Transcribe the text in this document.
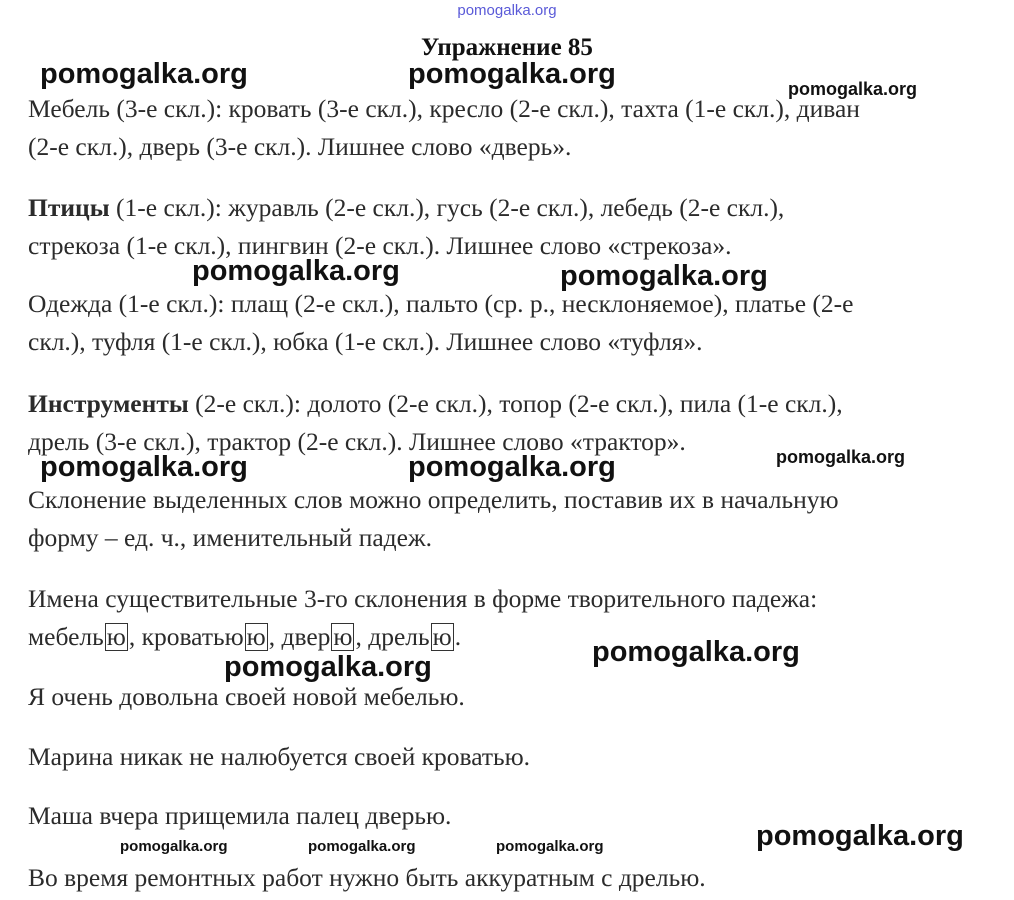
pomogalka.org
Упражнение 85
Мебель (3-е скл.): кровать (3-е скл.), кресло (2-е скл.), тахта (1-е скл.), диван
(2-е скл.), дверь (3-е скл.). Лишнее слово «дверь».
Птицы (1-е скл.): журавль (2-е скл.), гусь (2-е скл.), лебедь (2-е скл.),
стрекоза (1-е скл.), пингвин (2-е скл.). Лишнее слово «стрекоза».
Одежда (1-е скл.): плащ (2-е скл.), пальто (ср. р., несклоняемое), платье (2-е
скл.), туфля (1-е скл.), юбка (1-е скл.). Лишнее слово «туфля».
Инструменты (2-е скл.): долото (2-е скл.), топор (2-е скл.), пила (1-е скл.),
дрель (3-е скл.), трактор (2-е скл.). Лишнее слово «трактор».
Склонение выделенных слов можно определить, поставив их в начальную
форму – ед. ч., именительный падеж.
Имена существительные 3-го склонения в форме творительного падежа:
мебель ю , кроватью ю , двер ю , дрель ю .
Я очень довольна своей новой мебелью.
Марина никак не налюбуется своей кроватью.
Маша вчера прищемила палец дверью.
Во время ремонтных работ нужно быть аккуратным с дрелью.
pomogalka.org	pomogalka.org	pomogalka.org
pomogalka.org	pomogalka.org
pomogalka.org	pomogalka.org	pomogalka.org
pomogalka.org	pomogalka.org
pomogalka.org
pomogalka.org	pomogalka.org	pomogalka.org
